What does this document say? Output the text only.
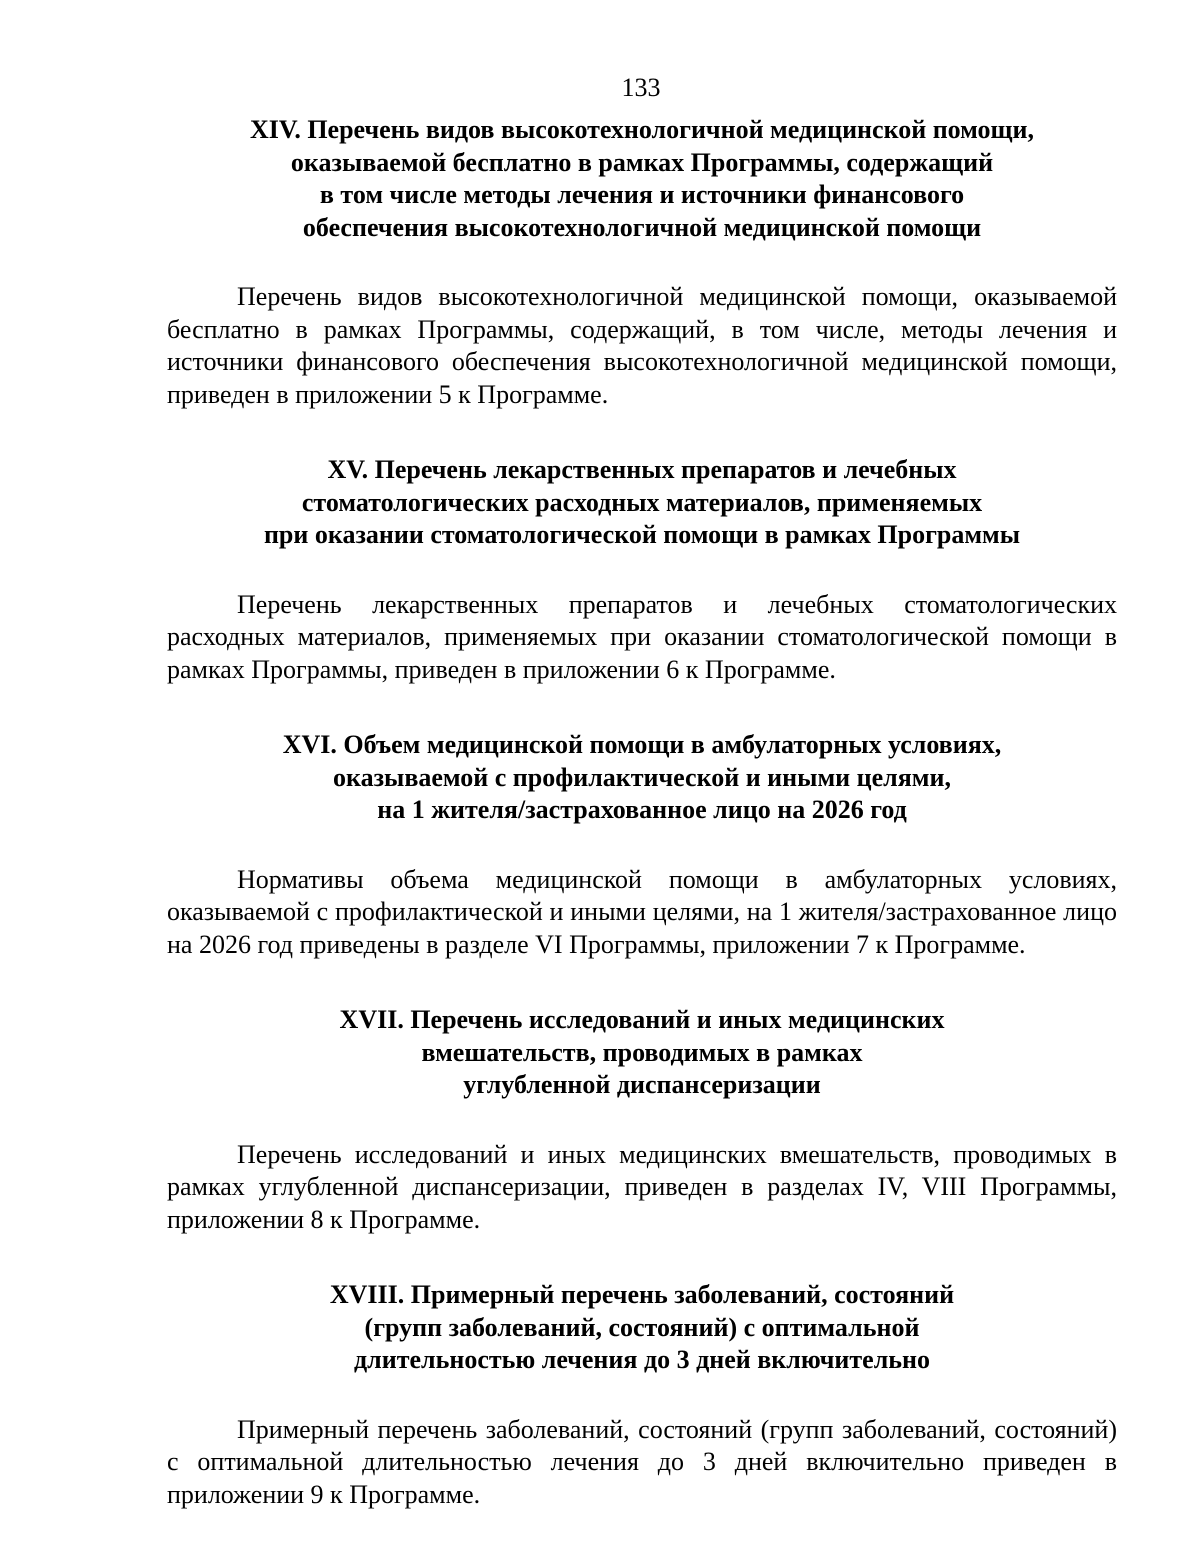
133
XIV. Перечень видов высокотехнологичной медицинской помощи,
оказываемой бесплатно в рамках Программы, содержащий
в том числе методы лечения и источники финансового
обеспечения высокотехнологичной медицинской помощи

Перечень видов высокотехнологичной медицинской помощи, оказываемой бесплатно в рамках Программы, содержащий, в том числе, методы лечения и источники финансового обеспечения высокотехнологичной медицинской помощи, приведен в приложении 5 к Программе.

XV. Перечень лекарственных препаратов и лечебных
стоматологических расходных материалов, применяемых
при оказании стоматологической помощи в рамках Программы

Перечень лекарственных препаратов и лечебных стоматологических расходных материалов, применяемых при оказании стоматологической помощи в рамках Программы, приведен в приложении 6 к Программе.

XVI. Объем медицинской помощи в амбулаторных условиях,
оказываемой с профилактической и иными целями,
на 1 жителя/застрахованное лицо на 2026 год

Нормативы объема медицинской помощи в амбулаторных условиях, оказываемой с профилактической и иными целями, на 1 жителя/застрахованное лицо на 2026 год приведены в разделе VI Программы, приложении 7 к Программе.

XVII. Перечень исследований и иных медицинских
вмешательств, проводимых в рамках
углубленной диспансеризации

Перечень исследований и иных медицинских вмешательств, проводимых в рамках углубленной диспансеризации, приведен в разделах IV, VIII Программы, приложении 8 к Программе.

XVIII. Примерный перечень заболеваний, состояний
(групп заболеваний, состояний) с оптимальной
длительностью лечения до 3 дней включительно

Примерный перечень заболеваний, состояний (групп заболеваний, состояний) с оптимальной длительностью лечения до 3 дней включительно приведен в приложении 9 к Программе.
